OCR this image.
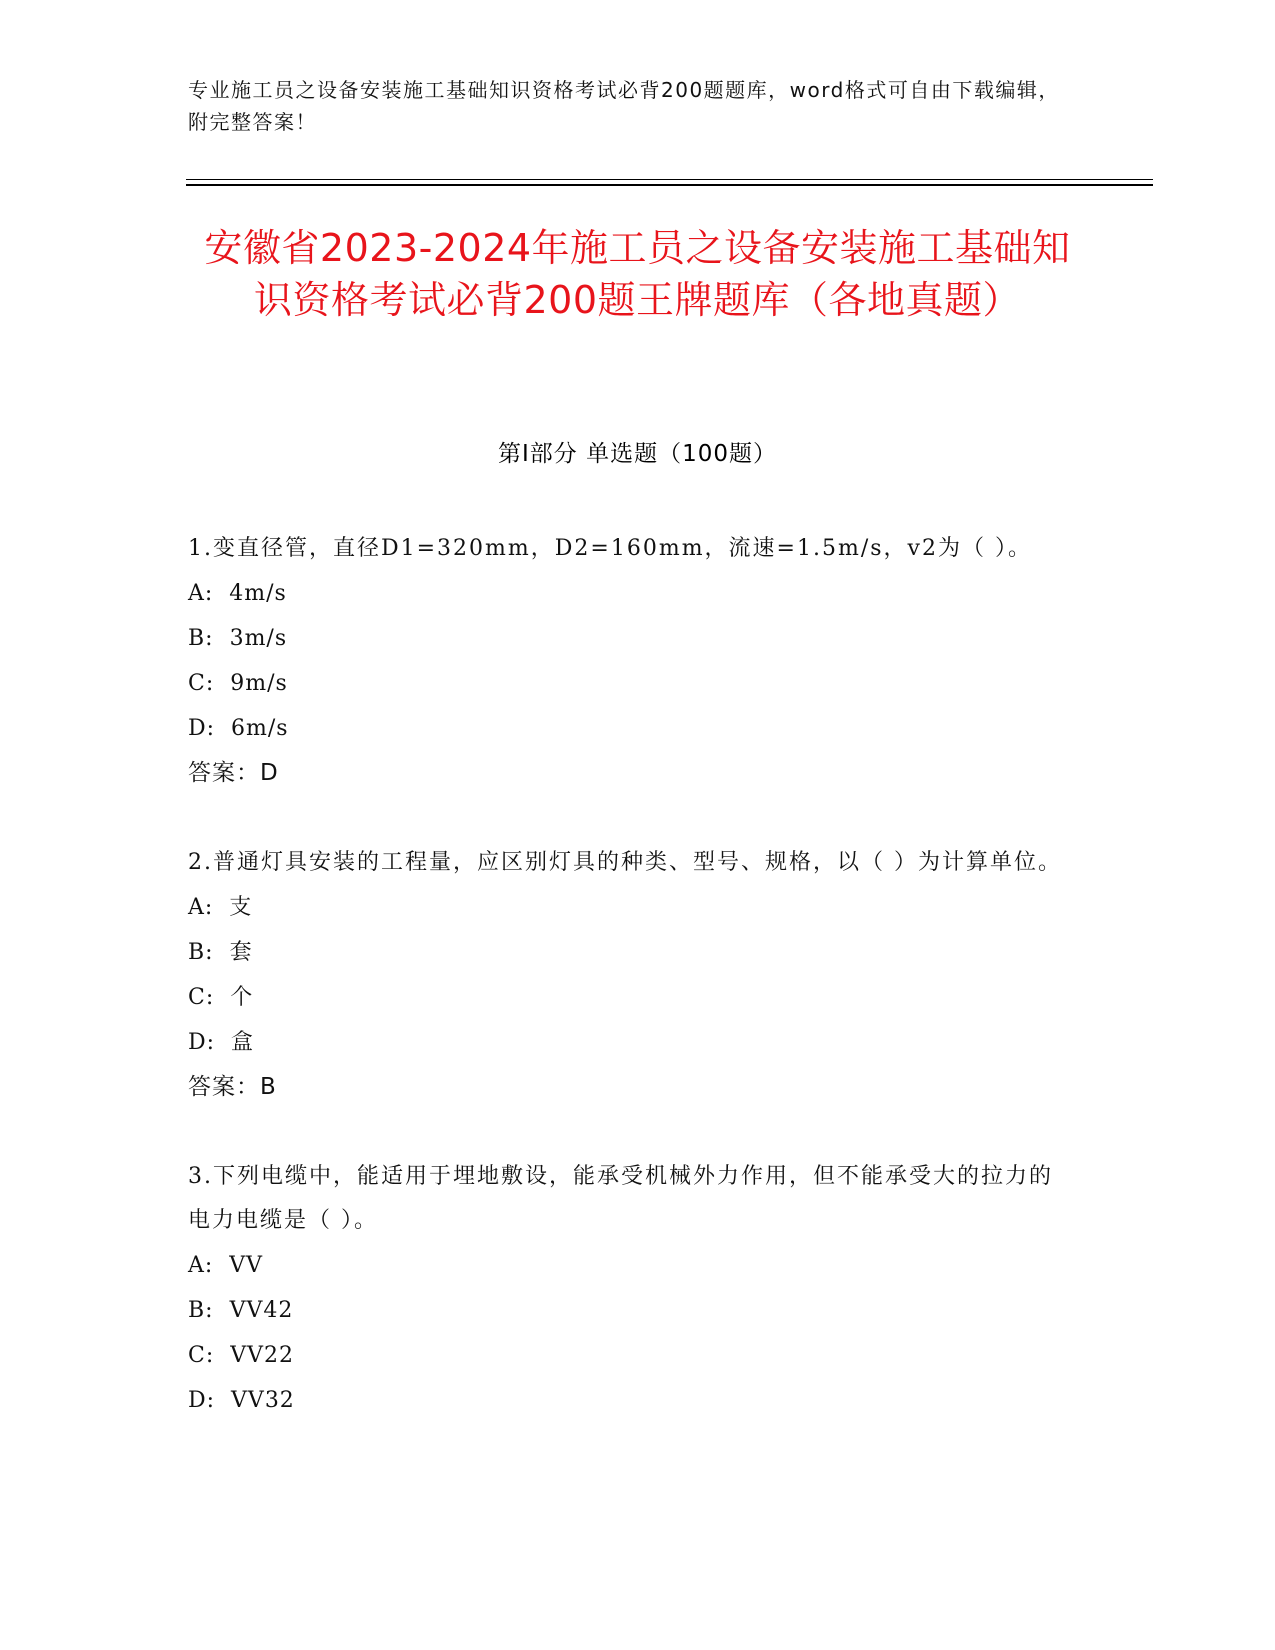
专业施工员之设备安装施工基础知识资格考试必背200题题库，word格式可自由下载编辑，附完整答案！
安徽省2023-2024年施工员之设备安装施工基础知识资格考试必背200题王牌题库（各地真题）
第Ⅰ部分 单选题（100题）

1.变直径管，直径D1=320mm，D2=160mm，流速=1.5m/s，v2为（ ）。

A:  4m/s
B:  3m/s
C:  9m/s
D:  6m/s
答案：D

2.普通灯具安装的工程量，应区别灯具的种类、型号、规格，以（ ）为计算单位。

A:  支
B:  套
C:  个
D:  盒
答案：B

3.下列电缆中，能适用于埋地敷设，能承受机械外力作用，但不能承受大的拉力的电力电缆是（ ）。

A:  VV
B:  VV42
C:  VV22
D:  VV32
